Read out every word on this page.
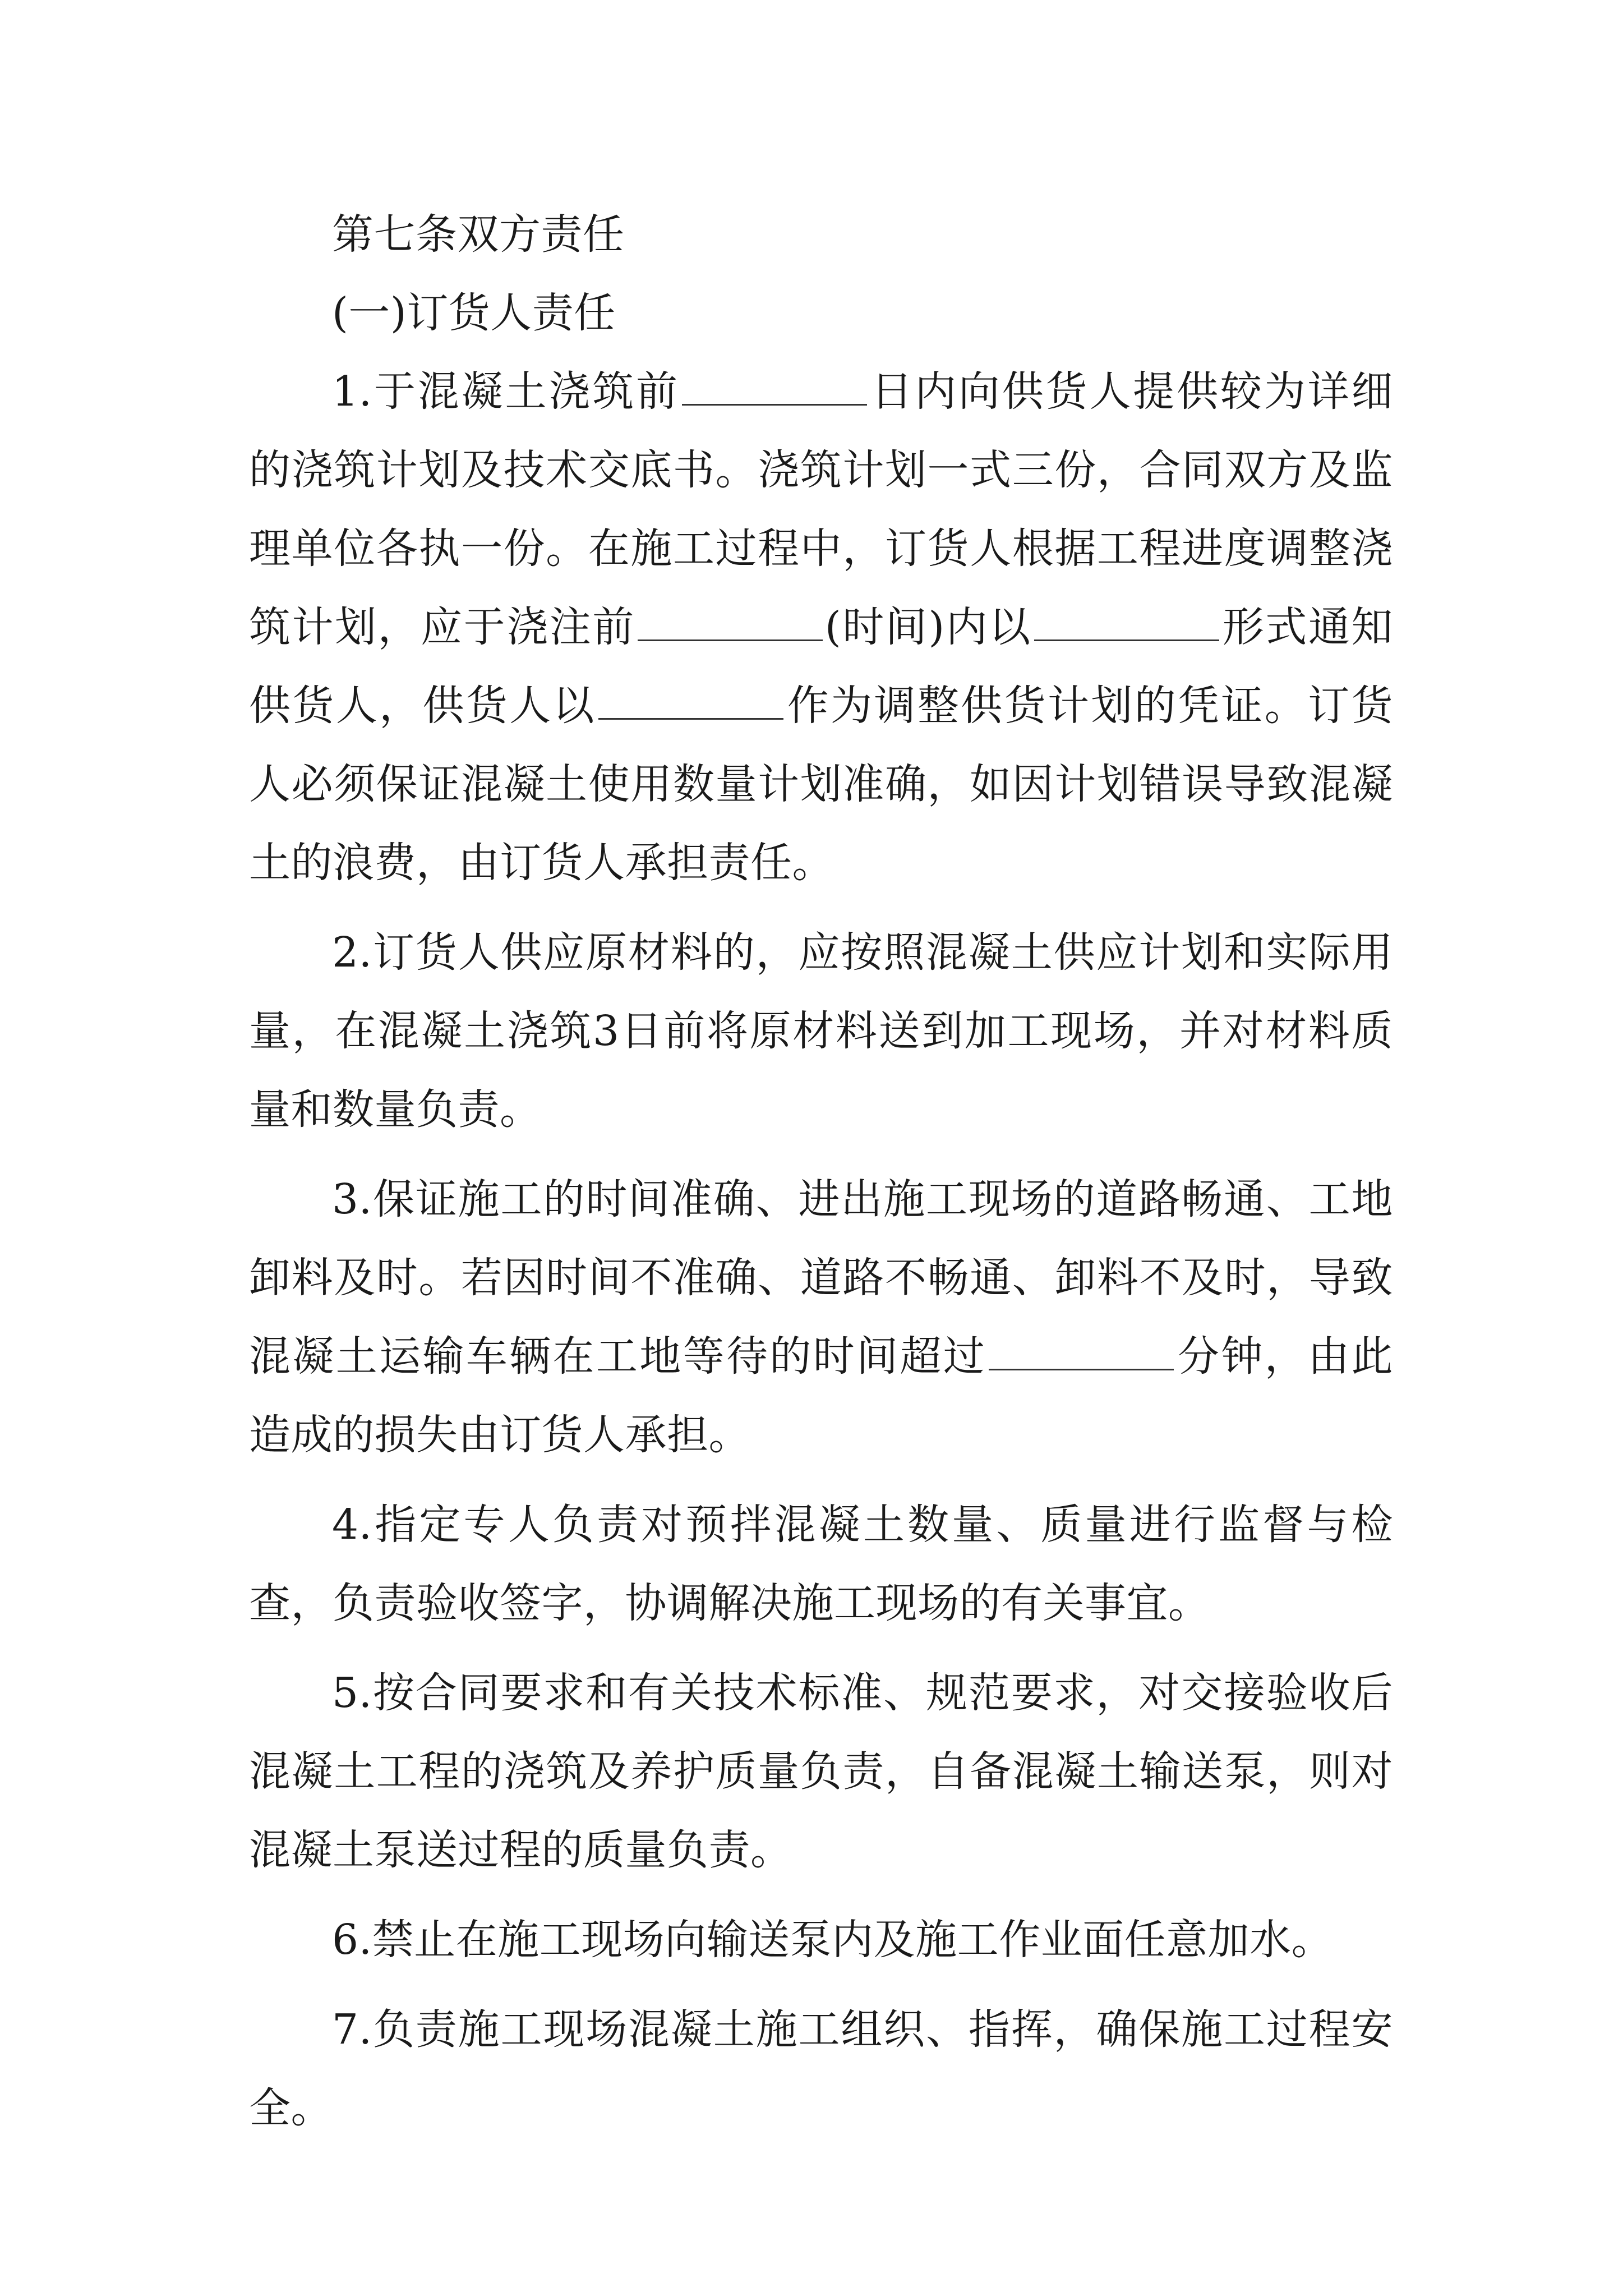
第七条双方责任

(一)订货人责任

1.于混凝土浇筑前	日内向供货人提供较为详细的浇筑计划及技术交底书。浇筑计划一式三份，合同双方及监理单位各执一份。在施工过程中，订货人根据工程进度调整浇筑计划，应于浇注前	(时间)内以	形式通知供货人，供货人以	作为调整供货计划的凭证。订货人必须保证混凝土使用数量计划准确，如因计划错误导致混凝土的浪费，由订货人承担责任。

2.订货人供应原材料的，应按照混凝土供应计划和实际用量，在混凝土浇筑3日前将原材料送到加工现场，并对材料质量和数量负责。

3.保证施工的时间准确、进出施工现场的道路畅通、工地卸料及时。若因时间不准确、道路不畅通、卸料不及时，导致混凝土运输车辆在工地等待的时间超过	分钟，由此造成的损失由订货人承担。

4.指定专人负责对预拌混凝土数量、质量进行监督与检查，负责验收签字，协调解决施工现场的有关事宜。

5.按合同要求和有关技术标准、规范要求，对交接验收后混凝土工程的浇筑及养护质量负责，自备混凝土输送泵，则对混凝土泵送过程的质量负责。

6.禁止在施工现场向输送泵内及施工作业面任意加水。

7.负责施工现场混凝土施工组织、指挥，确保施工过程安全。
